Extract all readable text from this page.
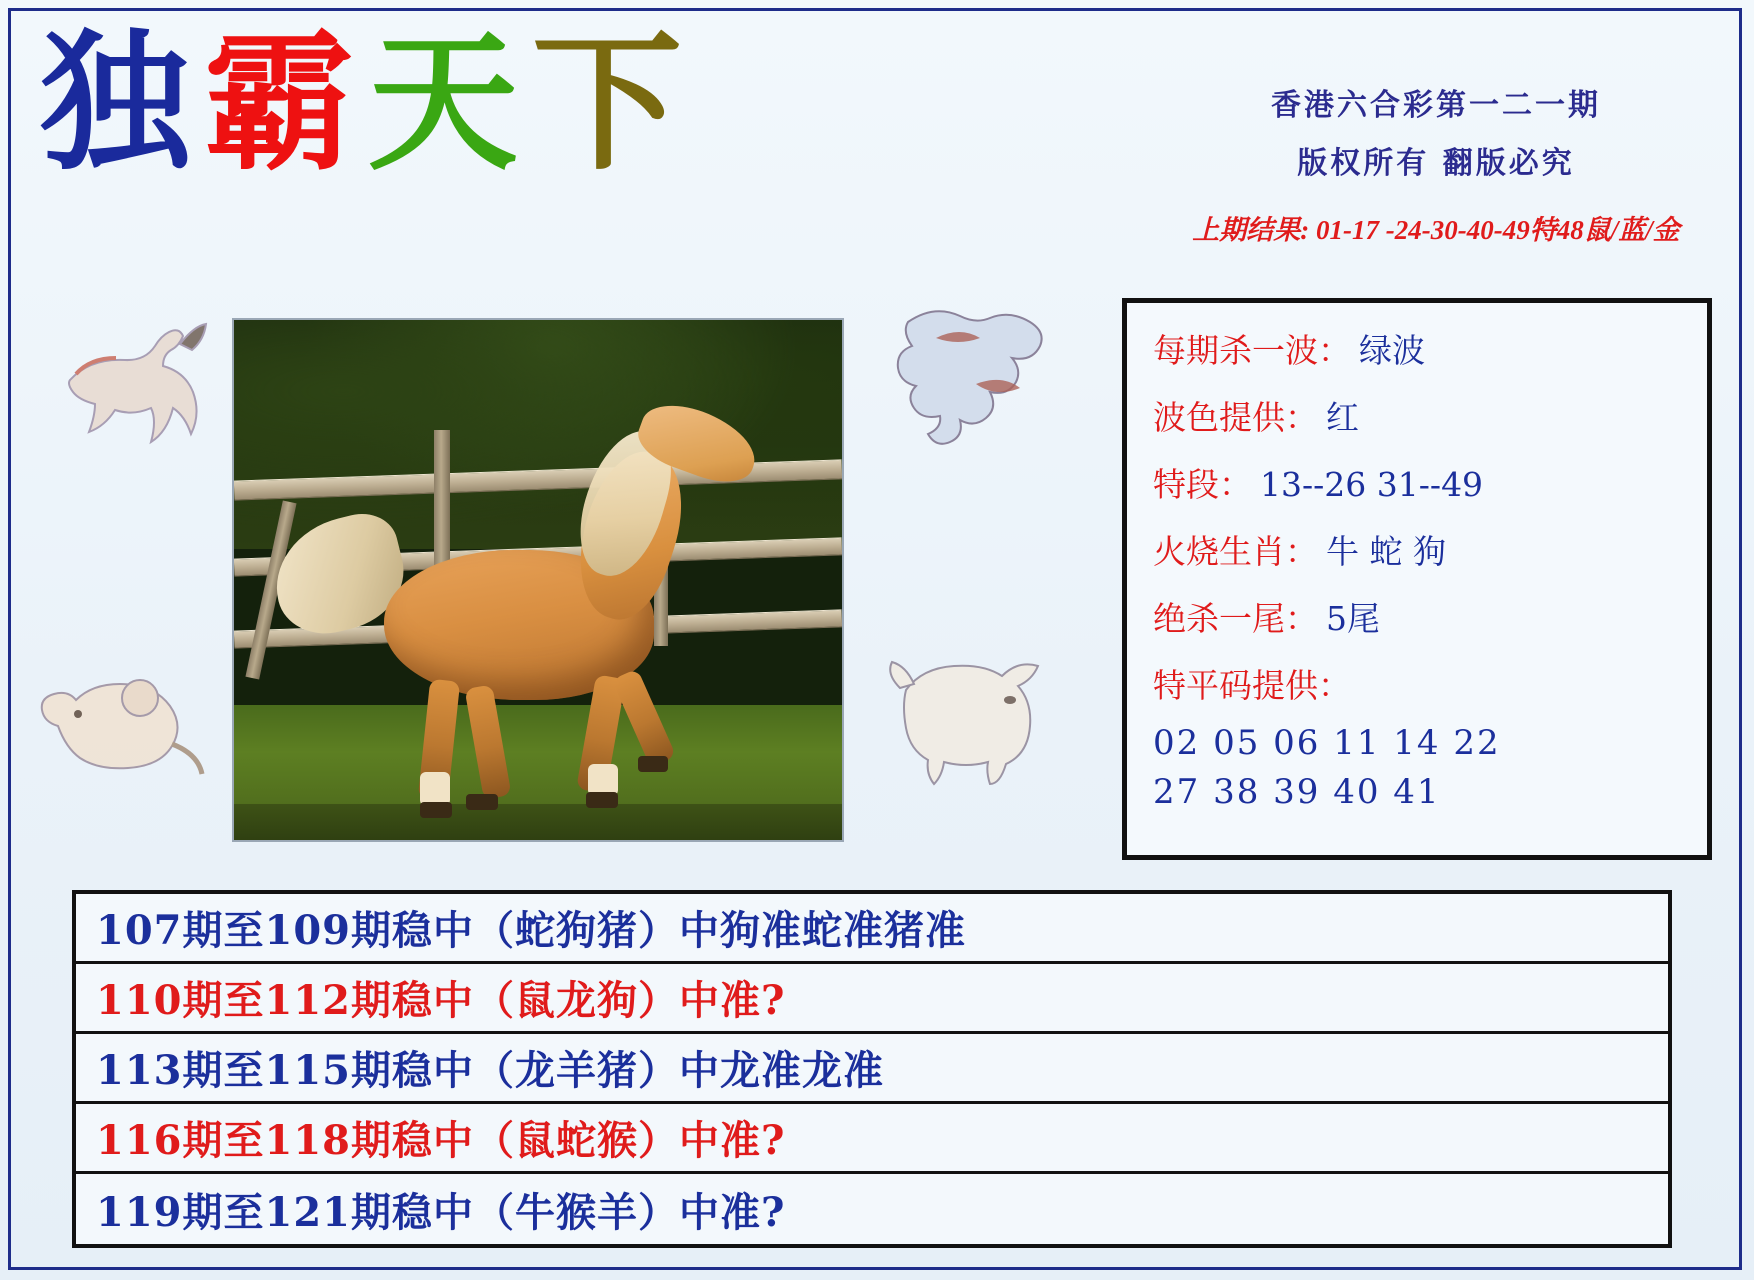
独霸天下	香港六合彩第一二一期
版权所有 翻版必究
上期结果: 01-17 -24-30-40-49特48鼠/蓝/金
每期杀一波： 绿波
波色提供： 红
特段： 13--26 31--49
火烧生肖： 牛 蛇 狗
绝杀一尾： 5尾
特平码提供：
02 05 06 11 14 22
27 38 39 40 41
107期至109期稳中（蛇狗猪）中狗准蛇准猪准
110期至112期稳中（鼠龙狗）中准?
113期至115期稳中（龙羊猪）中龙准龙准
116期至118期稳中（鼠蛇猴）中准?
119期至121期稳中（牛猴羊）中准?
